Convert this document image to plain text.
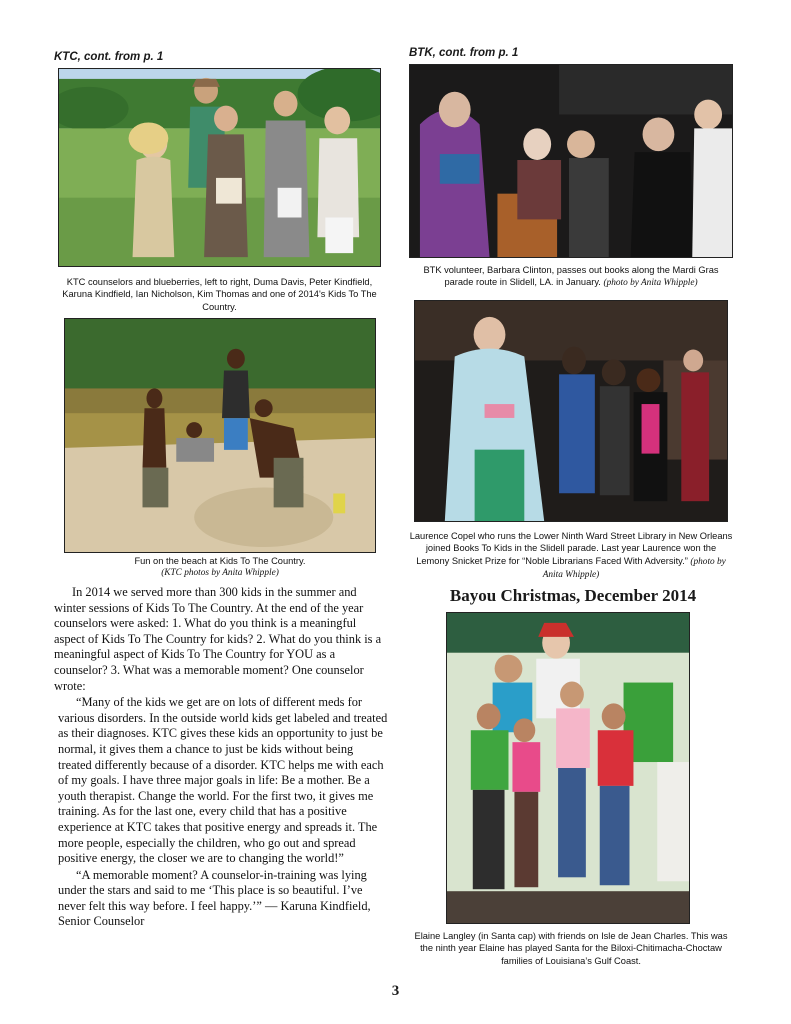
KTC, cont. from p. 1
KTC counselors and blueberries, left to right, Duma Davis, Peter Kindfield, Karuna Kindfield, Ian Nicholson, Kim Thomas and one of 2014's Kids To The Country.
Fun on the beach at Kids To The Country.
(KTC photos by Anita Whipple)

In 2014 we served more than 300 kids in the summer and winter sessions of Kids To The Country. At the end of the year counselors were asked: 1. What do you think is a meaningful aspect of Kids To The Country for kids? 2. What do you think is a meaningful aspect of Kids To The Country for YOU as a counselor? 3. What was a memorable moment? One counselor wrote:

“Many of the kids we get are on lots of different meds for various disorders. In the outside world kids get labeled and treated as their diagnoses. KTC gives these kids an opportunity to just be normal, it gives them a chance to just be kids without being treated differently because of a disorder. KTC helps me with each of my goals. I have three major goals in life: Be a mother. Be a youth therapist. Change the world. For the first two, it gives me training. As for the last one, every child that has a positive experience at KTC takes that positive energy and spreads it. The more people, especially the children, who go out and spread positive energy, the closer we are to changing the world!”

“A memorable moment? A counselor-in-training was lying under the stars and said to me ‘This place is so beautiful. I’ve never felt this way before. I feel happy.’” — Karuna Kindfield, Senior Counselor

BTK, cont. from p. 1
BTK volunteer, Barbara Clinton, passes out books along the Mardi Gras parade route in Slidell, LA. in January. (photo by Anita Whipple)
Laurence Copel who runs the Lower Ninth Ward Street Library in New Orleans joined Books To Kids in the Slidell parade. Last year Laurence won the Lemony Snicket Prize for “Noble Librarians Faced With Adversity.” (photo by Anita Whipple)
Bayou Christmas, December 2014
Elaine Langley (in Santa cap) with friends on Isle de Jean Charles. This was the ninth year Elaine has played Santa for the Biloxi-Chitimacha-Choctaw families of Louisiana’s Gulf Coast.
3
